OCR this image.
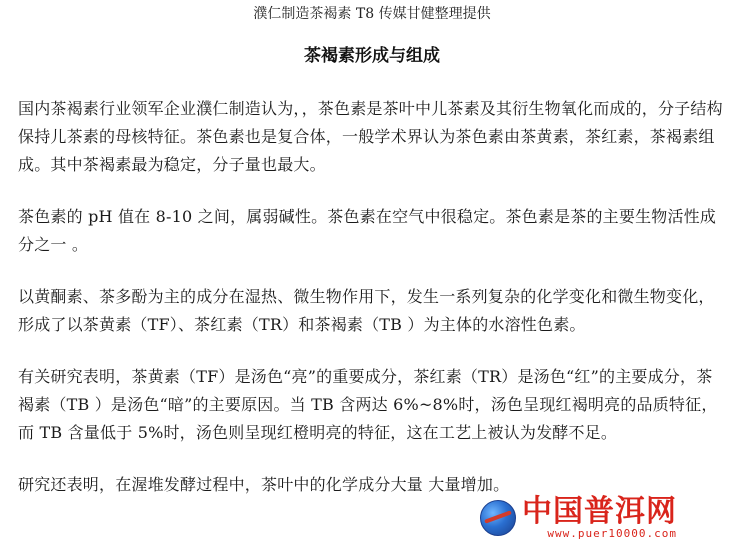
濮仁制造茶褐素 T8 传媒甘健整理提供
茶褐素形成与组成

国内茶褐素行业领军企业濮仁制造认为，，茶色素是茶叶中儿茶素及其衍生物氧化而成的，分子结构保持儿茶素的母核特征。茶色素也是复合体，一般学术界认为茶色素由茶黄素，茶红素，茶褐素组成。其中茶褐素最为稳定，分子量也最大。

茶色素的 pH 值在 8-10 之间，属弱碱性。茶色素在空气中很稳定。茶色素是茶的主要生物活性成分之一 。

以黄酮素、茶多酚为主的成分在湿热、微生物作用下，发生一系列复杂的化学变化和微生物变化，形成了以茶黄素（TF）、茶红素（TR）和茶褐素（TB ）为主体的水溶性色素。

有关研究表明，茶黄素（TF）是汤色“亮”的重要成分，茶红素（TR）是汤色“红”的主要成分，茶褐素（TB ）是汤色“暗”的主要原因。当 TB 含两达 6%~8%时，汤色呈现红褐明亮的品质特征，而 TB 含量低于 5%时，汤色则呈现红橙明亮的特征，这在工艺上被认为发酵不足。

研究还表明，在渥堆发酵过程中，茶叶中的化学成分大量 大量增加。

中国普洱网
www.puer10000.com
